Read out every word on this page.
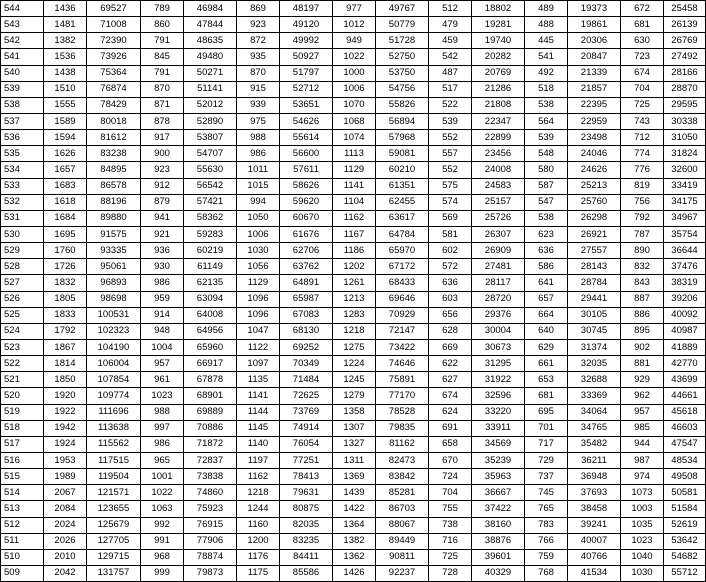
544	1436	69527	789	46984	869	48197	977	49767	512	18802	489	19373	672	25458
543	1481	71008	860	47844	923	49120	1012	50779	479	19281	488	19861	681	26139
542	1382	72390	791	48635	872	49992	949	51728	459	19740	445	20306	630	26769
541	1536	73926	845	49480	935	50927	1022	52750	542	20282	541	20847	723	27492
540	1438	75364	791	50271	870	51797	1000	53750	487	20769	492	21339	674	28166
539	1510	76874	870	51141	915	52712	1006	54756	517	21286	518	21857	704	28870
538	1555	78429	871	52012	939	53651	1070	55826	522	21808	538	22395	725	29595
537	1589	80018	878	52890	975	54626	1068	56894	539	22347	564	22959	743	30338
536	1594	81612	917	53807	988	55614	1074	57968	552	22899	539	23498	712	31050
535	1626	83238	900	54707	986	56600	1113	59081	557	23456	548	24046	774	31824
534	1657	84895	923	55630	1011	57611	1129	60210	552	24008	580	24626	776	32600
533	1683	86578	912	56542	1015	58626	1141	61351	575	24583	587	25213	819	33419
532	1618	88196	879	57421	994	59620	1104	62455	574	25157	547	25760	756	34175
531	1684	89880	941	58362	1050	60670	1162	63617	569	25726	538	26298	792	34967
530	1695	91575	921	59283	1006	61676	1167	64784	581	26307	623	26921	787	35754
529	1760	93335	936	60219	1030	62706	1186	65970	602	26909	636	27557	890	36644
528	1726	95061	930	61149	1056	63762	1202	67172	572	27481	586	28143	832	37476
527	1832	96893	986	62135	1129	64891	1261	68433	636	28117	641	28784	843	38319
526	1805	98698	959	63094	1096	65987	1213	69646	603	28720	657	29441	887	39206
525	1833	100531	914	64008	1096	67083	1283	70929	656	29376	664	30105	886	40092
524	1792	102323	948	64956	1047	68130	1218	72147	628	30004	640	30745	895	40987
523	1867	104190	1004	65960	1122	69252	1275	73422	669	30673	629	31374	902	41889
522	1814	106004	957	66917	1097	70349	1224	74646	622	31295	661	32035	881	42770
521	1850	107854	961	67878	1135	71484	1245	75891	627	31922	653	32688	929	43699
520	1920	109774	1023	68901	1141	72625	1279	77170	674	32596	681	33369	962	44661
519	1922	111696	988	69889	1144	73769	1358	78528	624	33220	695	34064	957	45618
518	1942	113638	997	70886	1145	74914	1307	79835	691	33911	701	34765	985	46603
517	1924	115562	986	71872	1140	76054	1327	81162	658	34569	717	35482	944	47547
516	1953	117515	965	72837	1197	77251	1311	82473	670	35239	729	36211	987	48534
515	1989	119504	1001	73838	1162	78413	1369	83842	724	35963	737	36948	974	49508
514	2067	121571	1022	74860	1218	79631	1439	85281	704	36667	745	37693	1073	50581
513	2084	123655	1063	75923	1244	80875	1422	86703	755	37422	765	38458	1003	51584
512	2024	125679	992	76915	1160	82035	1364	88067	738	38160	783	39241	1035	52619
511	2026	127705	991	77906	1200	83235	1382	89449	716	38876	766	40007	1023	53642
510	2010	129715	968	78874	1176	84411	1362	90811	725	39601	759	40766	1040	54682
509	2042	131757	999	79873	1175	85586	1426	92237	728	40329	768	41534	1030	55712
